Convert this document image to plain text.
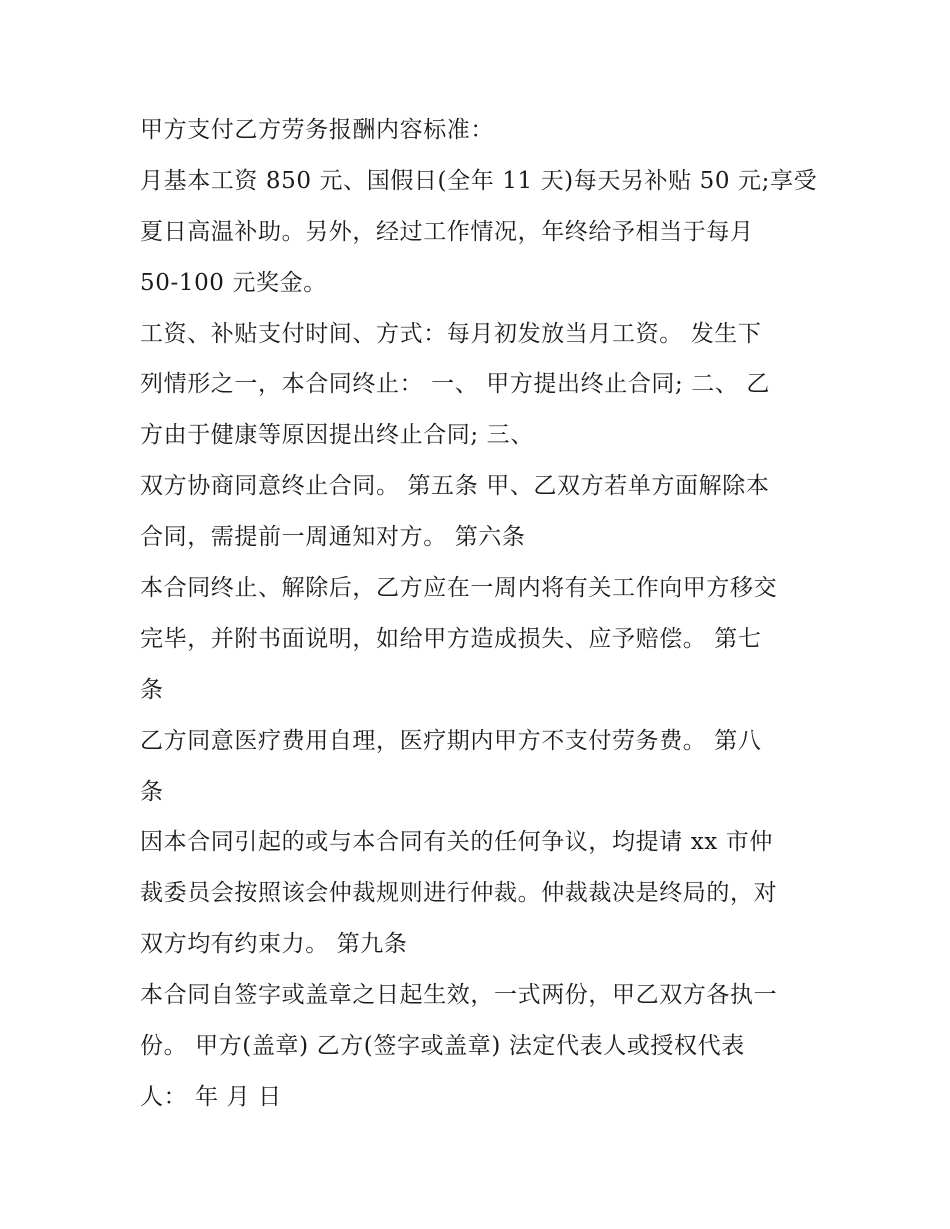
甲方支付乙方劳务报酬内容标准：
月基本工资 850 元、国假日(全年 11 天)每天另补贴 50 元;享受
夏日高温补助。另外，经过工作情况，年终给予相当于每月
50-100 元奖金。
工资、补贴支付时间、方式：每月初发放当月工资。 发生下
列情形之一，本合同终止： 一、 甲方提出终止合同; 二、 乙
方由于健康等原因提出终止合同; 三、
双方协商同意终止合同。 第五条 甲、乙双方若单方面解除本
合同，需提前一周通知对方。 第六条
本合同终止、解除后，乙方应在一周内将有关工作向甲方移交
完毕，并附书面说明，如给甲方造成损失、应予赔偿。 第七
条
乙方同意医疗费用自理，医疗期内甲方不支付劳务费。 第八
条
因本合同引起的或与本合同有关的任何争议，均提请 xx 市仲
裁委员会按照该会仲裁规则进行仲裁。仲裁裁决是终局的，对
双方均有约束力。 第九条
本合同自签字或盖章之日起生效，一式两份，甲乙双方各执一
份。 甲方(盖章) 乙方(签字或盖章) 法定代表人或授权代表
人： 年 月 日
